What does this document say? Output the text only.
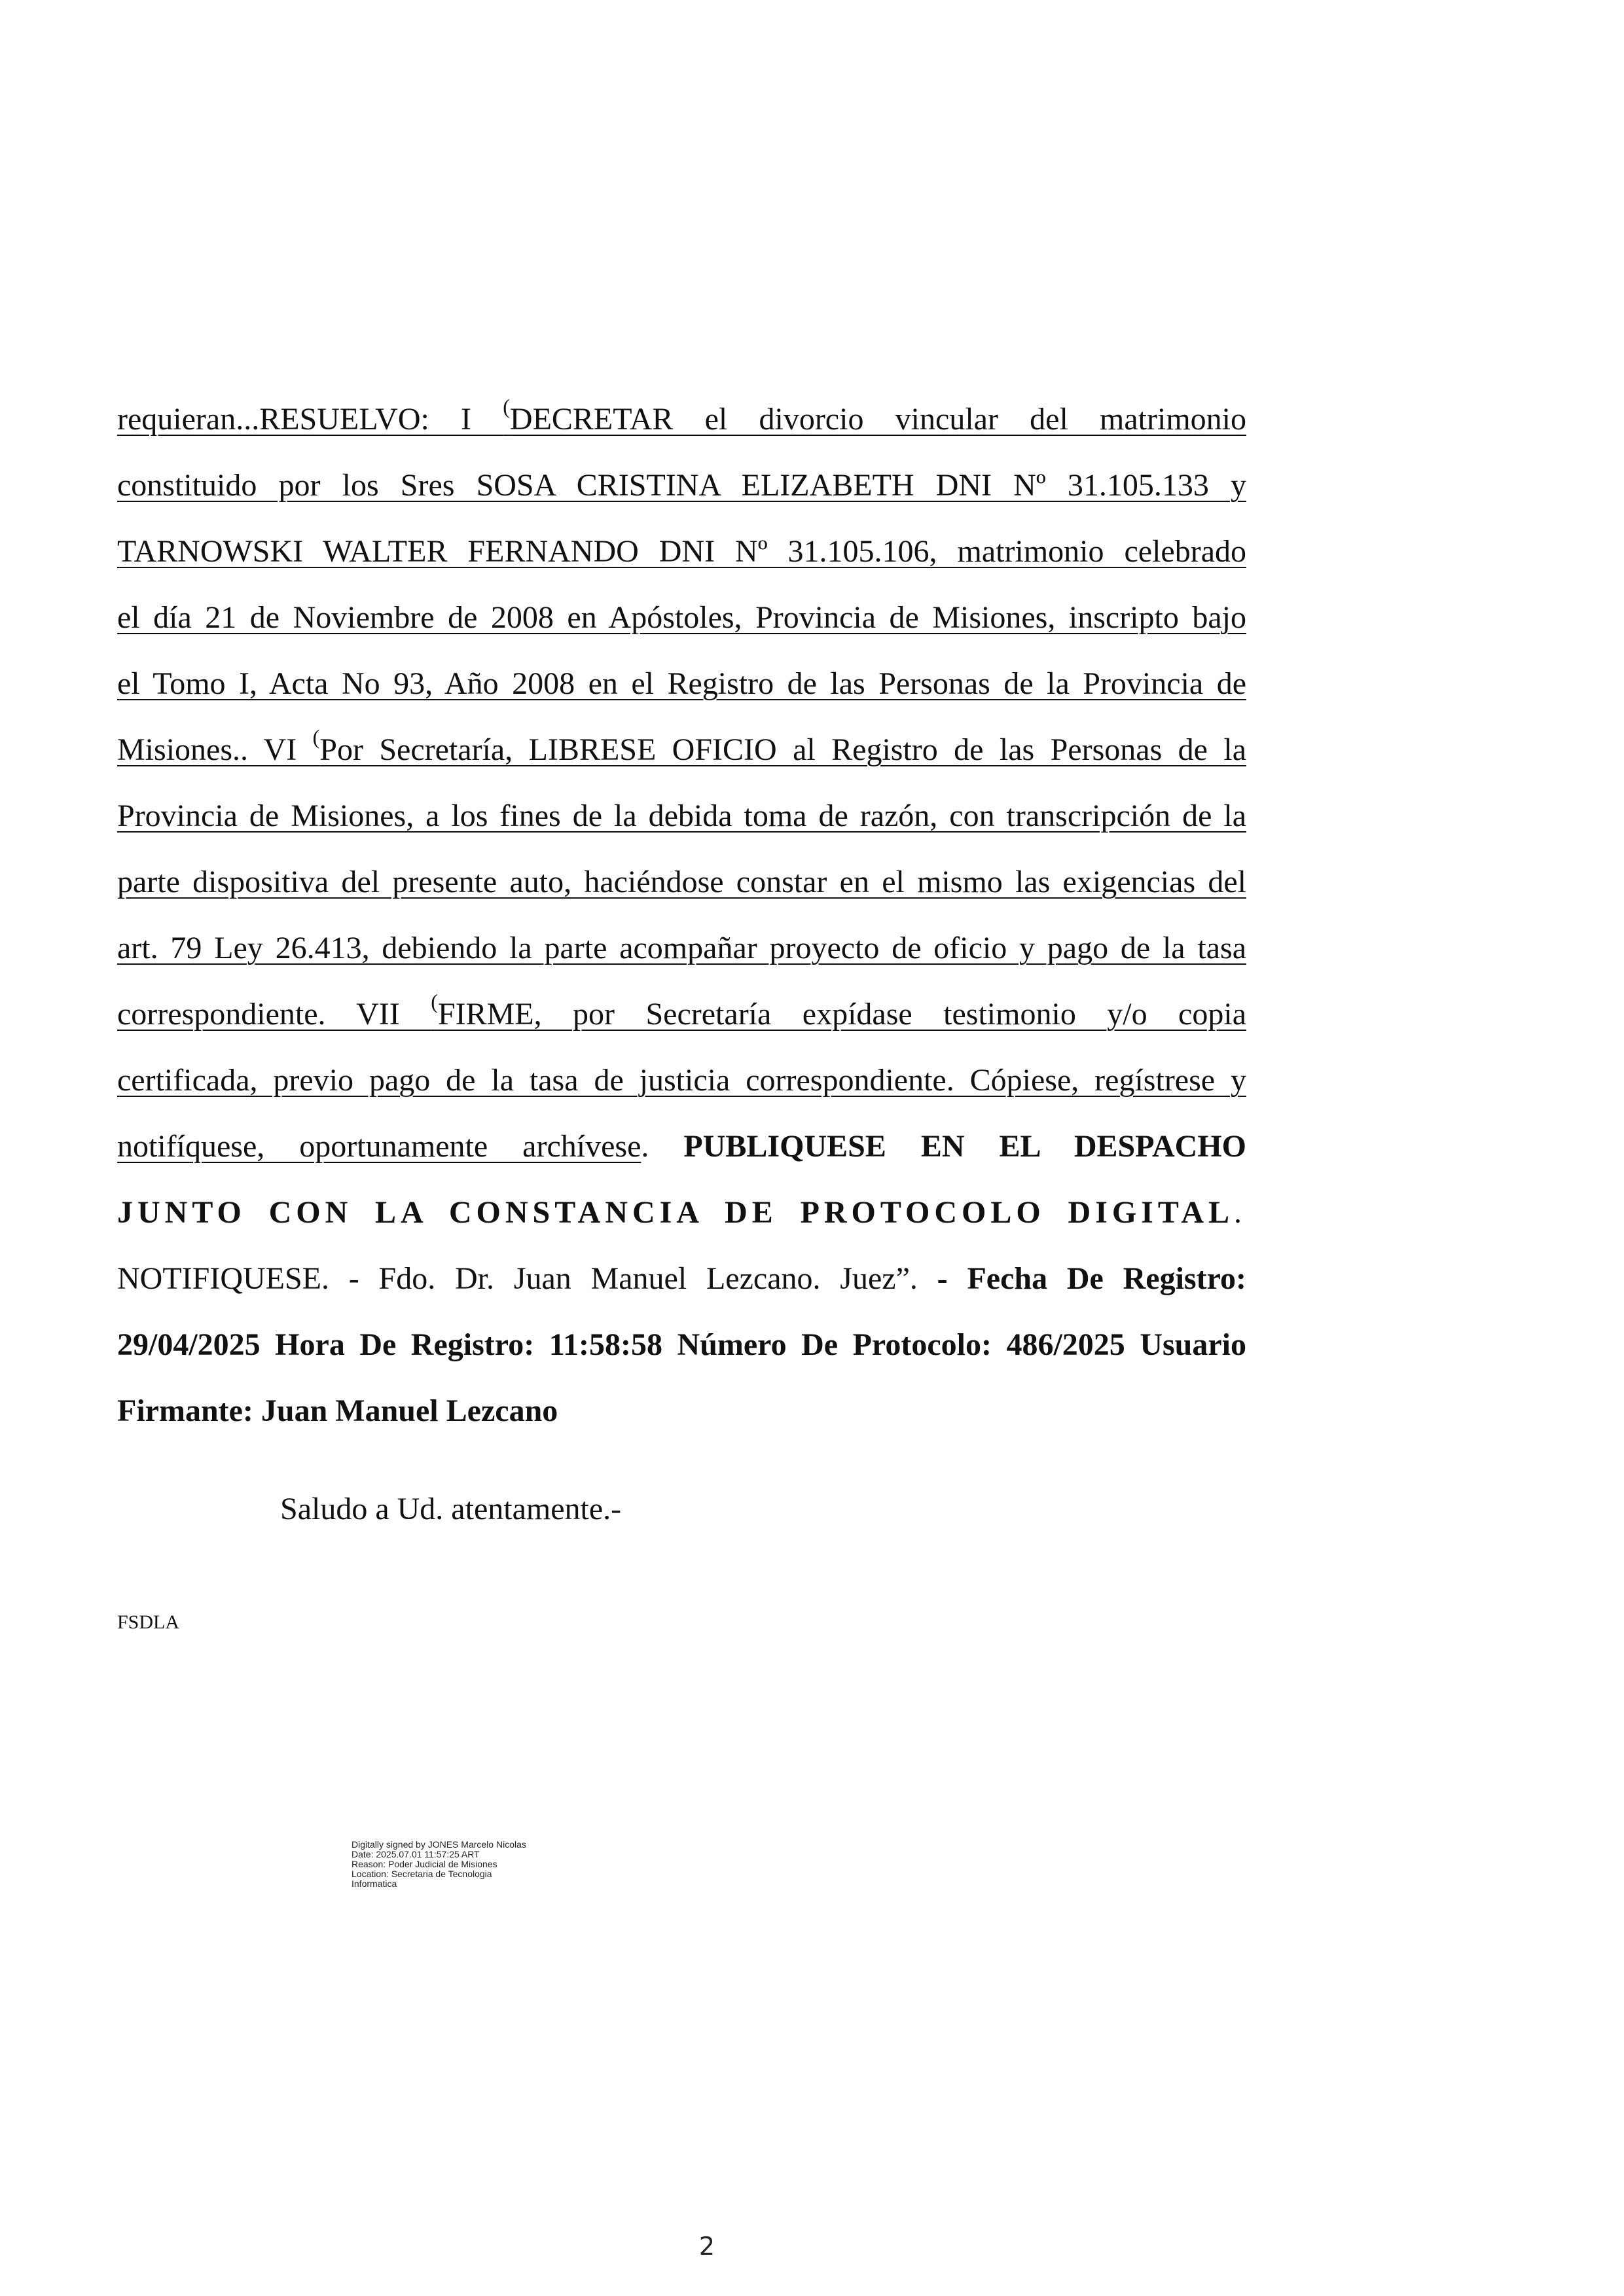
requieran...RESUELVO: I (DECRETAR el divorcio vincular del matrimonio
constituido por los Sres SOSA CRISTINA ELIZABETH DNI Nº 31.105.133 y
TARNOWSKI WALTER FERNANDO DNI Nº 31.105.106, matrimonio celebrado
el día 21 de Noviembre de 2008 en Apóstoles, Provincia de Misiones, inscripto bajo
el Tomo I, Acta No 93, Año 2008 en el Registro de las Personas de la Provincia de
Misiones.. VI (Por Secretaría, LIBRESE OFICIO al Registro de las Personas de la
Provincia de Misiones, a los fines de la debida toma de razón, con transcripción de la
parte dispositiva del presente auto, haciéndose constar en el mismo las exigencias del
art. 79 Ley 26.413, debiendo la parte acompañar proyecto de oficio y pago de la tasa
correspondiente. VII (FIRME, por Secretaría expídase testimonio y/o copia
certificada, previo pago de la tasa de justicia correspondiente. Cópiese, regístrese y
notifíquese, oportunamente archívese. PUBLIQUESE EN EL DESPACHO
JUNTO CON LA CONSTANCIA DE PROTOCOLO DIGITAL.
NOTIFIQUESE. - Fdo. Dr. Juan Manuel Lezcano. Juez”. - Fecha De Registro:
29/04/2025 Hora De Registro: 11:58:58 Número De Protocolo: 486/2025 Usuario
Firmante: Juan Manuel Lezcano
Saludo a Ud. atentamente.-
FSDLA
Digitally signed by JONES Marcelo Nicolas
Date: 2025.07.01 11:57:25 ART
Reason: Poder Judicial de Misiones
Location: Secretaria de Tecnologia
Informatica
2
